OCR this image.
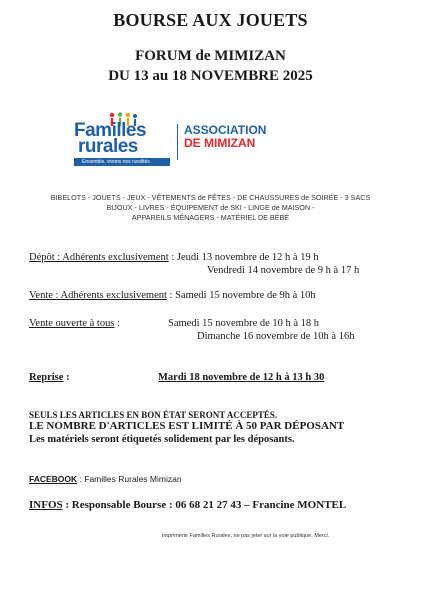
BOURSE AUX JOUETS
FORUM de MIMIZAN
DU 13 au 18 NOVEMBRE 2025
Familles
rurales
Ensemble, vivons nos ruralités
ASSOCIATION
DE MIMIZAN
BIBELOTS - JOUETS - JEUX - VÊTEMENTS de FÊTES - DE CHAUSSURES de SOIRÉE - 3 SACS
BIJOUX - LIVRES - ÉQUIPEMENT de SKI - LINGE de MAISON -
APPAREILS MÉNAGERS - MATÉRIEL DE BÉBÉ
Dépôt : Adhérents exclusivement : Jeudi 13 novembre de 12 h à 19 h
Vendredi 14 novembre de 9 h à 17 h
Vente : Adhérents exclusivement : Samedi 15 novembre de 9h à 10h
Vente ouverte à tous :	Samedi 15 novembre de 10 h à 18 h
Dimanche 16 novembre de 10h à 16h
Reprise :	Mardi 18 novembre de 12 h à 13 h 30
SEULS LES ARTICLES EN BON ÉTAT SERONT ACCEPTÉS.
LE NOMBRE D'ARTICLES EST LIMITÉ À 50 PAR DÉPOSANT
Les matériels seront étiquetés solidement par les déposants.
FACEBOOK : Familles Rurales Mimizan
INFOS : Responsable Bourse : 06 68 21 27 43 – Francine MONTEL
Imprimerie Familles Rurales, ne pas jeter sur la voie publique. Merci.
